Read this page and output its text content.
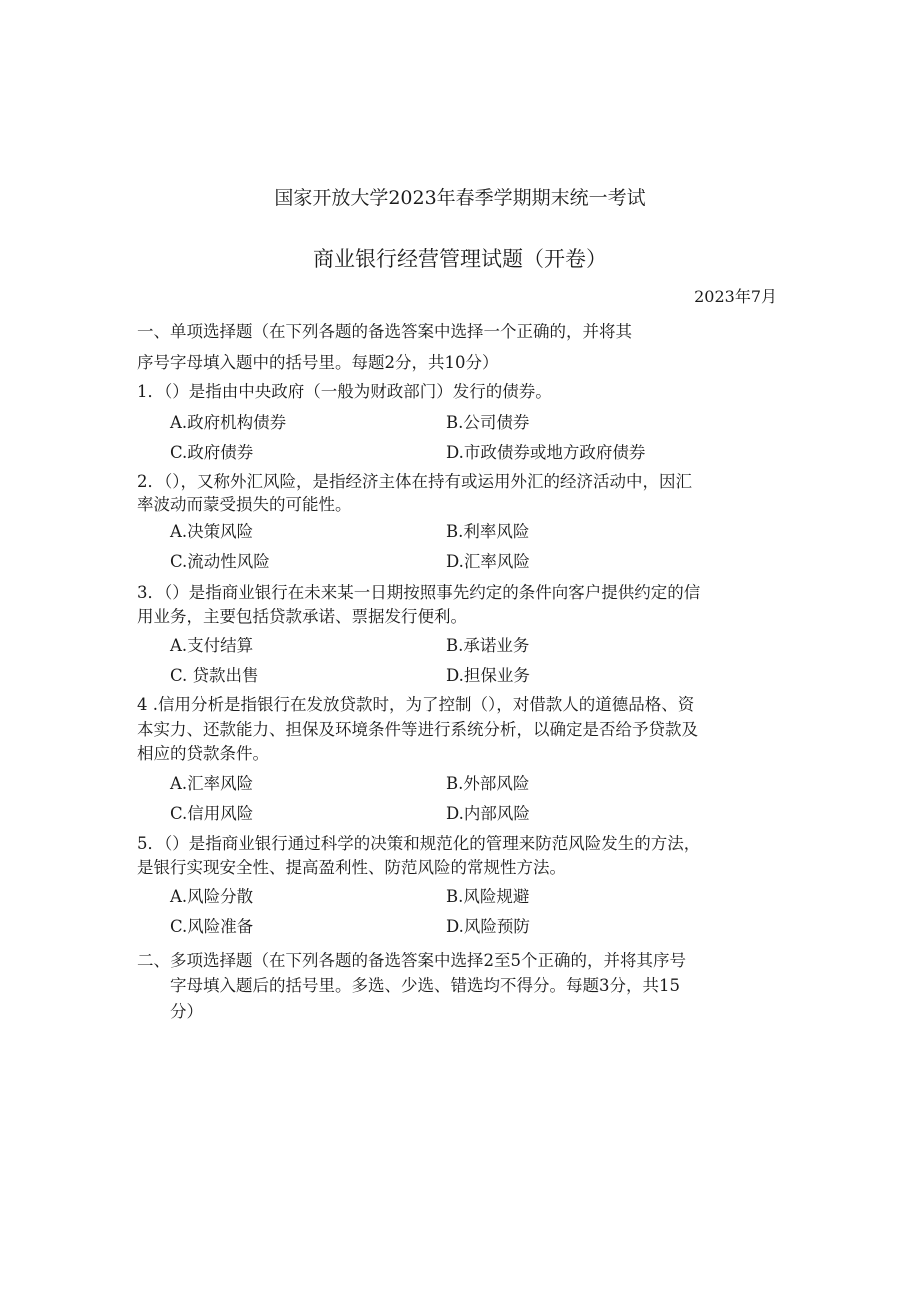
国家开放大学2023年春季学期期末统一考试
商业银行经营管理试题（开卷）
2023年7月
一、单项选择题（在下列各题的备选答案中选择一个正确的，并将其
序号字母填入题中的括号里。每题2分，共10分）
1．（）是指由中央政府（一般为财政部门）发行的债券。
A.政府机构债券	B.公司债券
C.政府债券	D.市政债券或地方政府债券
2．（），又称外汇风险，是指经济主体在持有或运用外汇的经济活动中，因汇
率波动而蒙受损失的可能性。
A.决策风险	B.利率风险
C.流动性风险	D.汇率风险
3．（）是指商业银行在未来某一日期按照事先约定的条件向客户提供约定的信
用业务，主要包括贷款承诺、票据发行便利。
A.支付结算	B.承诺业务
C. 贷款出售	D.担保业务
4 .信用分析是指银行在发放贷款时，为了控制（），对借款人的道德品格、资
本实力、还款能力、担保及环境条件等进行系统分析，以确定是否给予贷款及
相应的贷款条件。
A.汇率风险	B.外部风险
C.信用风险	D.内部风险
5．（）是指商业银行通过科学的决策和规范化的管理来防范风险发生的方法，
是银行实现安全性、提高盈利性、防范风险的常规性方法。
A.风险分散	B.风险规避
C.风险准备	D.风险预防
二、多项选择题（在下列各题的备选答案中选择2至5个正确的，并将其序号
字母填入题后的括号里。多选、少选、错选均不得分。每题3分，共15
分）
